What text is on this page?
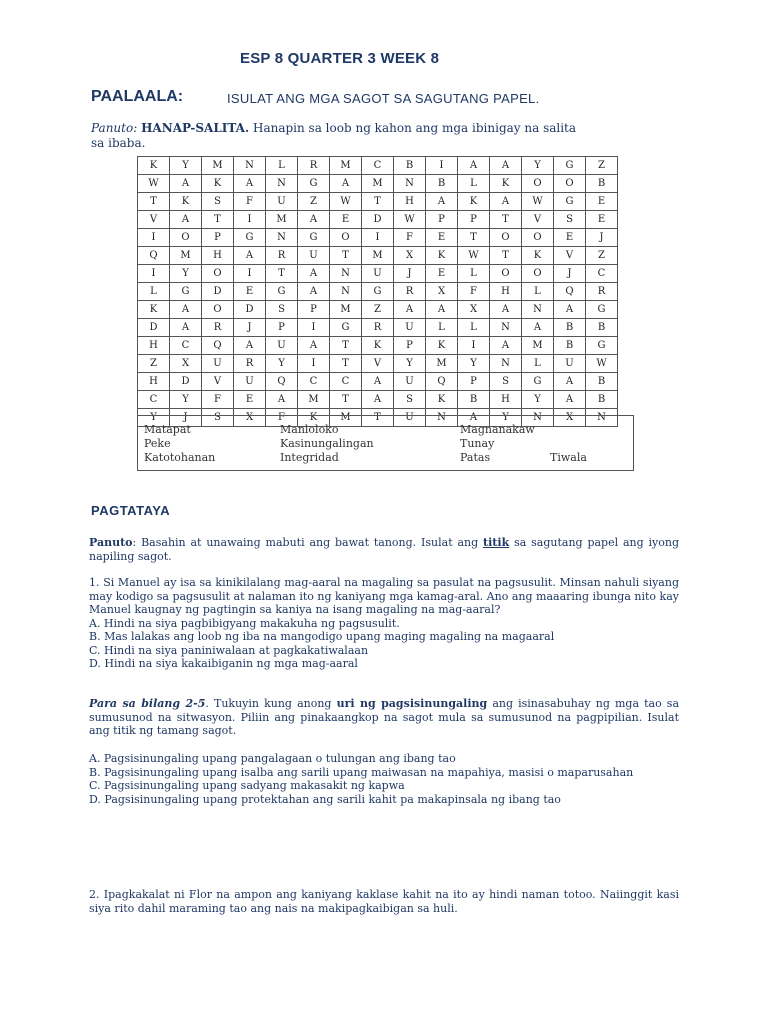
ESP 8 QUARTER 3 WEEK 8
PAALAALA:	ISULAT ANG MGA SAGOT SA SAGUTANG PAPEL.
Panuto: HANAP-SALITA. Hanapin sa loob ng kahon ang mga ibinigay na salita sa ibaba.
K	Y	M	N	L	R	M	C	B	I	A	A	Y	G	Z
W	A	K	A	N	G	A	M	N	B	L	K	O	O	B
T	K	S	F	U	Z	W	T	H	A	K	A	W	G	E
V	A	T	I	M	A	E	D	W	P	P	T	V	S	E
I	O	P	G	N	G	O	I	F	E	T	O	O	E	J
Q	M	H	A	R	U	T	M	X	K	W	T	K	V	Z
I	Y	O	I	T	A	N	U	J	E	L	O	O	J	C
L	G	D	E	G	A	N	G	R	X	F	H	L	Q	R
K	A	O	D	S	P	M	Z	A	A	X	A	N	A	G
D	A	R	J	P	I	G	R	U	L	L	N	A	B	B
H	C	Q	A	U	A	T	K	P	K	I	A	M	B	G
Z	X	U	R	Y	I	T	V	Y	M	Y	N	L	U	W
H	D	V	U	Q	C	C	A	U	Q	P	S	G	A	B
C	Y	F	E	A	M	T	A	S	K	B	H	Y	A	B
Y	J	S	X	F	K	M	T	U	N	A	Y	N	X	N
Matapat	Manloloko	Magnanakaw
Peke	Kasinungalingan	Tunay
Katotohanan	Integridad	Patas	Tiwala
PAGTATAYA
Panuto: Basahin at unawaing mabuti ang bawat tanong. Isulat ang titik sa sagutang papel ang iyong napiling sagot.
1. Si Manuel ay isa sa kinikilalang mag-aaral na magaling sa pasulat na pagsusulit. Minsan nahuli siyang may kodigo sa pagsusulit at nalaman ito ng kaniyang mga kamag-aral. Ano ang maaaring ibunga nito kay Manuel kaugnay ng pagtingin sa kaniya na isang magaling na mag-aaral?
A. Hindi na siya pagbibigyang makakuha ng pagsusulit.
B. Mas lalakas ang loob ng iba na mangodigo upang maging magaling na magaaral
C. Hindi na siya paniniwalaan at pagkakatiwalaan
D. Hindi na siya kakaibiganin ng mga mag-aaral
Para sa bilang 2-5. Tukuyin kung anong uri ng pagsisinungaling ang isinasabuhay ng mga tao sa sumusunod na sitwasyon. Piliin ang pinakaangkop na sagot mula sa sumusunod na pagpipilian. Isulat ang titik ng tamang sagot.
A. Pagsisinungaling upang pangalagaan o tulungan ang ibang tao
B. Pagsisinungaling upang isalba ang sarili upang maiwasan na mapahiya, masisi o maparusahan
C. Pagsisinungaling upang sadyang makasakit ng kapwa
D. Pagsisinungaling upang protektahan ang sarili kahit pa makapinsala ng ibang tao
2. Ipagkakalat ni Flor na ampon ang kaniyang kaklase kahit na ito ay hindi naman totoo. Naiinggit kasi siya rito dahil maraming tao ang nais na makipagkaibigan sa huli.
